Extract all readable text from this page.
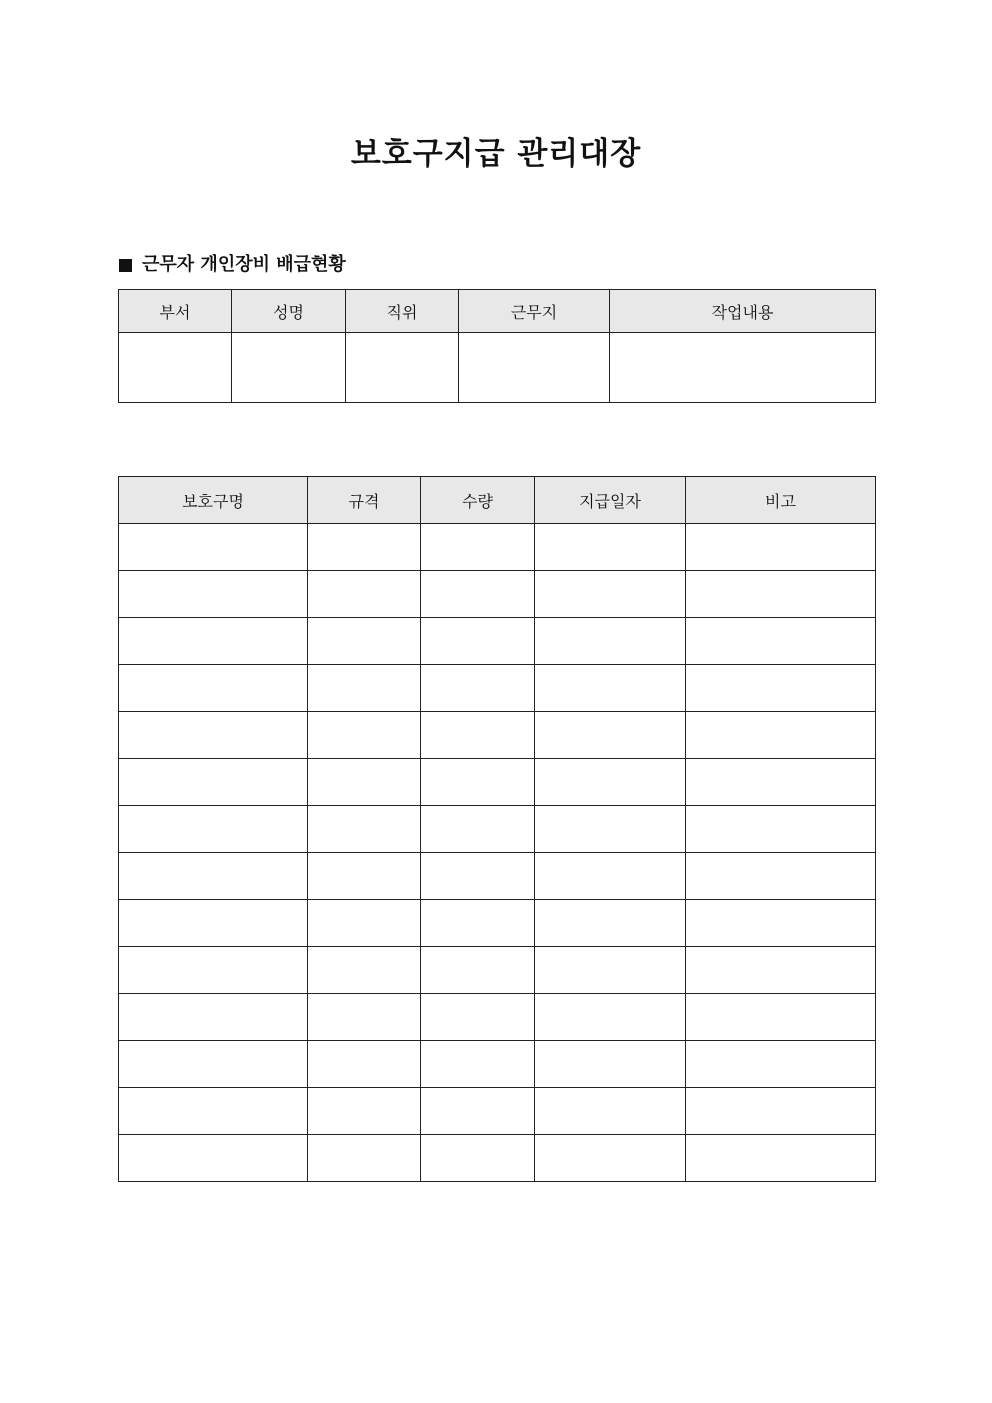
보호구지급 관리대장
근무자 개인장비 배급현황
부서	성명	직위	근무지	작업내용

보호구명	규격	수량	지급일자	비고
